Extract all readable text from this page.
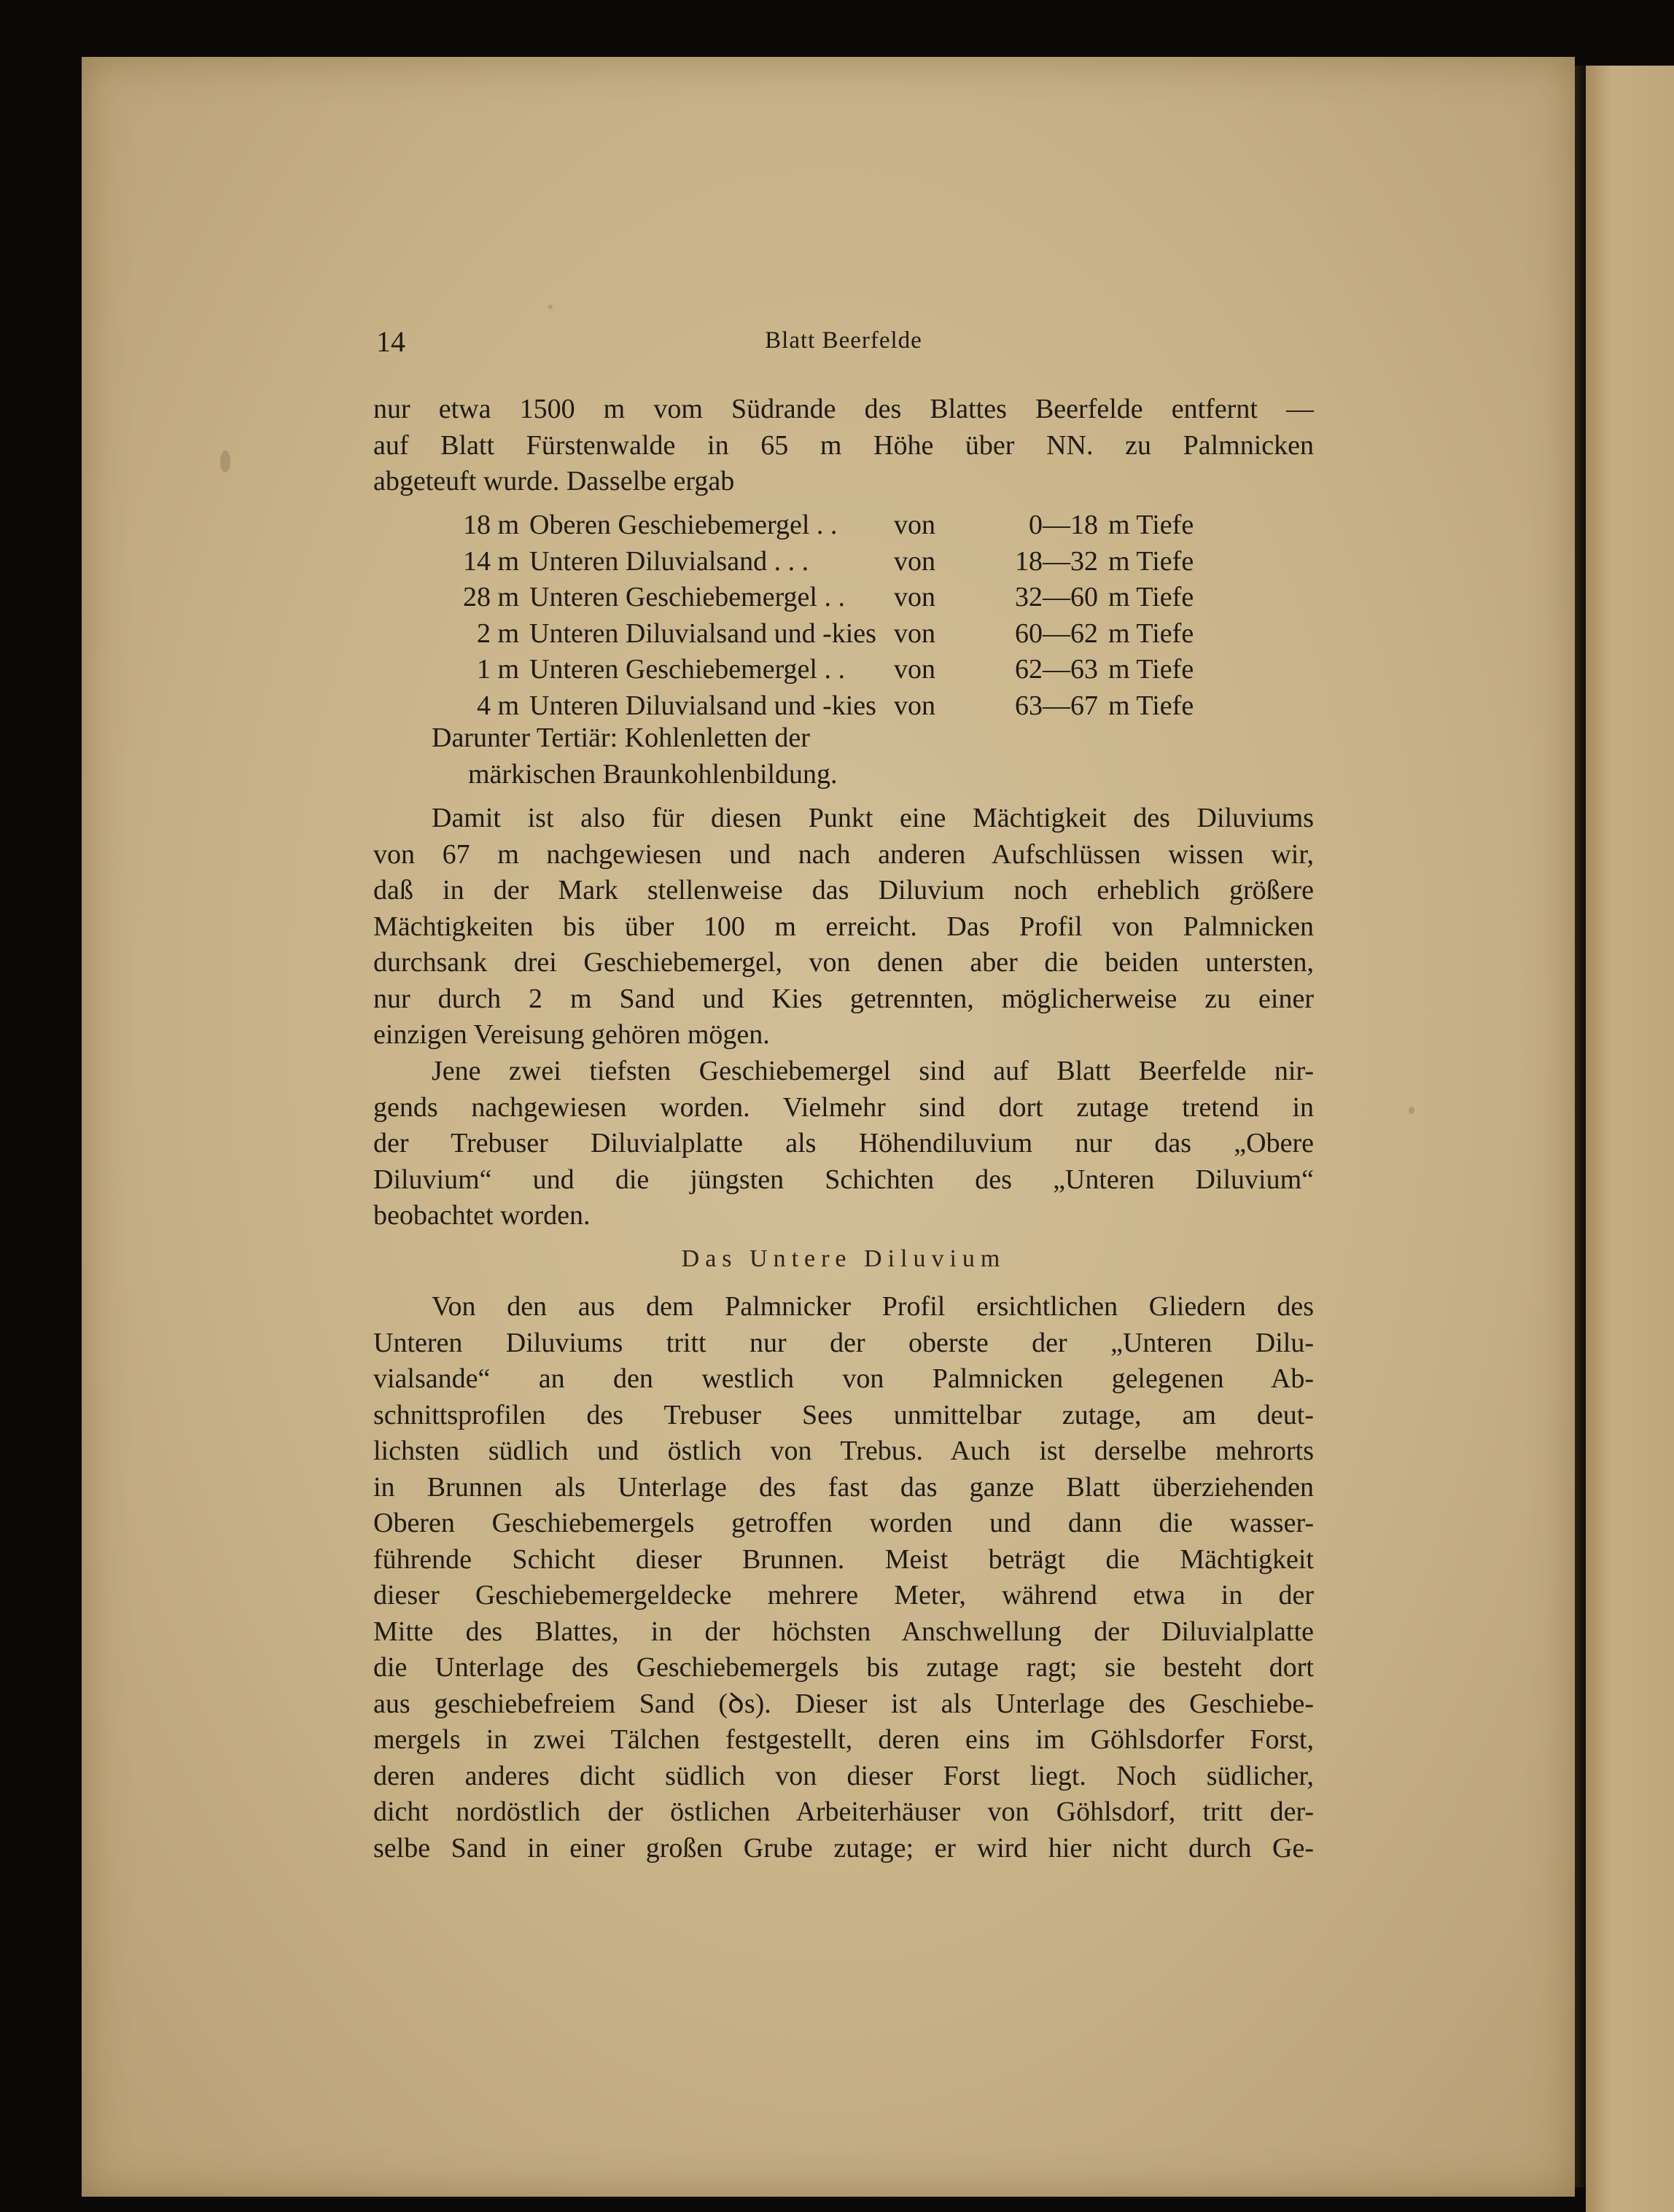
14	Blatt Beerfelde
nur etwa 1500 m vom Südrande des Blattes Beerfelde entfernt —
auf Blatt Fürstenwalde in 65 m Höhe über NN. zu Palmnicken
abgeteuft wurde. Dasselbe ergab
18 m	Oberen Geschiebemergel . .	von	0—18	m Tiefe
14 m	Unteren Diluvialsand . . .	von	18—32	m Tiefe
28 m	Unteren Geschiebemergel . .	von	32—60	m Tiefe
2 m	Unteren Diluvialsand und -kies	von	60—62	m Tiefe
1 m	Unteren Geschiebemergel . .	von	62—63	m Tiefe
4 m	Unteren Diluvialsand und -kies	von	63—67	m Tiefe
Darunter Tertiär: Kohlenletten der
märkischen Braunkohlenbildung.
Damit ist also für diesen Punkt eine Mächtigkeit des Diluviums
von 67 m nachgewiesen und nach anderen Aufschlüssen wissen wir,
daß in der Mark stellenweise das Diluvium noch erheblich größere
Mächtigkeiten bis über 100 m erreicht. Das Profil von Palmnicken
durchsank drei Geschiebemergel, von denen aber die beiden untersten,
nur durch 2 m Sand und Kies getrennten, möglicherweise zu einer
einzigen Vereisung gehören mögen.
Jene zwei tiefsten Geschiebemergel sind auf Blatt Beerfelde nir-
gends nachgewiesen worden. Vielmehr sind dort zutage tretend in
der Trebuser Diluvialplatte als Höhendiluvium nur das „Obere
Diluvium“ und die jüngsten Schichten des „Unteren Diluvium“
beobachtet worden.
Das Untere Diluvium
Von den aus dem Palmnicker Profil ersichtlichen Gliedern des
Unteren Diluviums tritt nur der oberste der „Unteren Dilu-
vialsande“ an den westlich von Palmnicken gelegenen Ab-
schnittsprofilen des Trebuser Sees unmittelbar zutage, am deut-
lichsten südlich und östlich von Trebus. Auch ist derselbe mehrorts
in Brunnen als Unterlage des fast das ganze Blatt überziehenden
Oberen Geschiebemergels getroffen worden und dann die wasser-
führende Schicht dieser Brunnen. Meist beträgt die Mächtigkeit
dieser Geschiebemergeldecke mehrere Meter, während etwa in der
Mitte des Blattes, in der höchsten Anschwellung der Diluvialplatte
die Unterlage des Geschiebemergels bis zutage ragt; sie besteht dort
aus geschiebefreiem Sand (ꝺs). Dieser ist als Unterlage des Geschiebe-
mergels in zwei Tälchen festgestellt, deren eins im Göhlsdorfer Forst,
deren anderes dicht südlich von dieser Forst liegt. Noch südlicher,
dicht nordöstlich der östlichen Arbeiterhäuser von Göhlsdorf, tritt der-
selbe Sand in einer großen Grube zutage; er wird hier nicht durch Ge-
